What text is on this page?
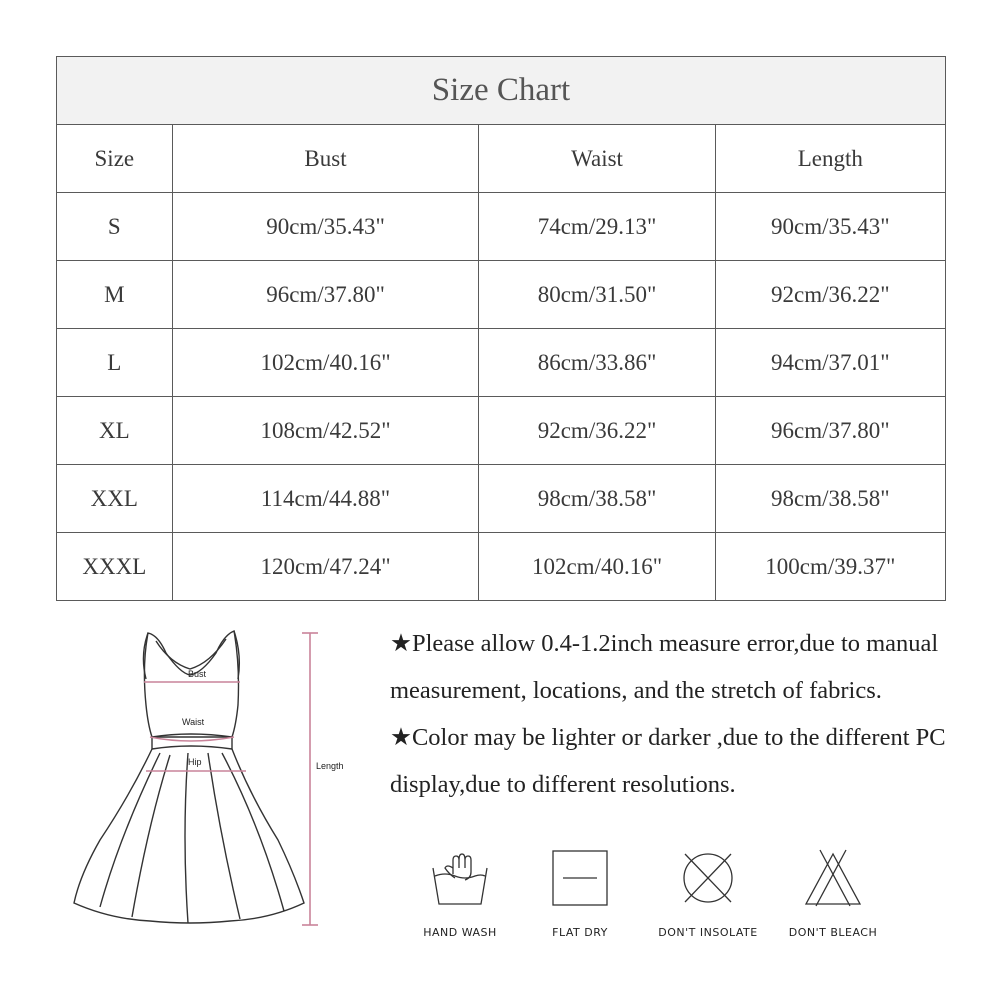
Size Chart			
Size	Bust	Waist	Length
S	90cm/35.43"	74cm/29.13"	90cm/35.43"
M	96cm/37.80"	80cm/31.50"	92cm/36.22"
L	102cm/40.16"	86cm/33.86"	94cm/37.01"
XL	108cm/42.52"	92cm/36.22"	96cm/37.80"
XXL	114cm/44.88"	98cm/38.58"	98cm/38.58"
XXXL	120cm/47.24"	102cm/40.16"	100cm/39.37"
Bust
Waist
Hip	Length

★Please allow 0.4-1.2inch measure error,due to manual measurement, locations, and the stretch of fabrics.

★Color may be lighter or darker ,due to the different PC display,due to different resolutions.

HAND WASH	FLAT DRY	DON'T INSOLATE	DON'T BLEACH
